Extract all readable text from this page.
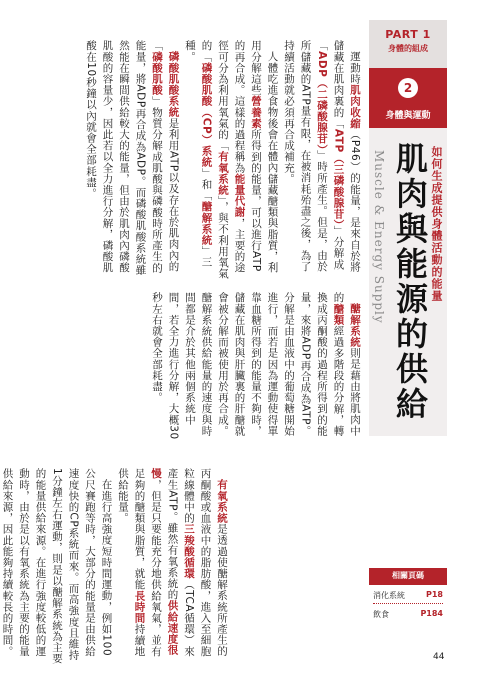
PART 1
身體的組成
2
身體與運動
如何生成提供身體活動的能量
肌肉與能源的供給
Muscle & Energy Supply

運動時肌肉收縮（P46）的能量，是來自於將儲藏在肌肉裏的「ATP（三磷酸腺苷）」分解成「ADP（二磷酸腺苷）」時所產生。但是，由於所儲藏的ATP量有限，在被消耗殆盡之後，為了持續活動就必須再合成補充。

人體吃進食物後會在體內儲藏醣類與脂質，利用分解這些營養素所得到的能量，可以進行ATP的再合成。這樣的過程稱為能量代謝，主要的途徑可分為利用氧氣的「有氧系統」，與不利用氧氣的「磷酸肌酸（CP）系統」和「醣解系統」三種。

磷酸肌酸系統是利用ATP以及存在於肌肉內的「磷酸肌酸」物質分解成肌酸與磷酸時所產生的能量，將ADP再合成為ADP。而磷酸肌酸系統雖然能在瞬間供給較大的能量，但由於肌肉內磷酸肌酸的容量少，因此若以全力進行分解，磷酸肌酸在10秒鐘以內就會全部耗盡。

醣解系統則是藉由將肌肉中的醣類經過多階段的分解，轉換成丙酮酸的過程所得到的能量，來將ADP再合成為ATP。分解是由血液中的葡萄糖開始進行，而若是因為運動使得單靠血糖所得到的能量不夠時，儲藏在肌肉與肝臟裏的肝醣就會被分解而被使用於再合成。醣解系統供給能量的速度與時間都是介於其他兩個系統中間，若全力進行分解，大概30秒左右就會全部耗盡。

有氧系統是透過使醣解系統所產生的丙酮酸或血液中的脂肪酸，進入至細胞粒線體中的三羧酸循環（TCA循環）來產生ATP。雖然有氧系統的供給速度很慢，但是只要能充分地供給氧氣，並有足夠的醣類與脂質，就能長時間持續地供給能量。

在進行高強度短時間運動，例如100公尺賽跑等時，大部分的能量是由供給速度快的CP系統而來。而高強度且維持1分鐘左右運動，則是以醣解系統為主要的能量供給來源。在進行強度較低的運動時，由於是以有氧系統為主要的能量供給來源，因此能夠持續較長的時間。	相關頁碼
消化系統	P18
飲食	P184
44
